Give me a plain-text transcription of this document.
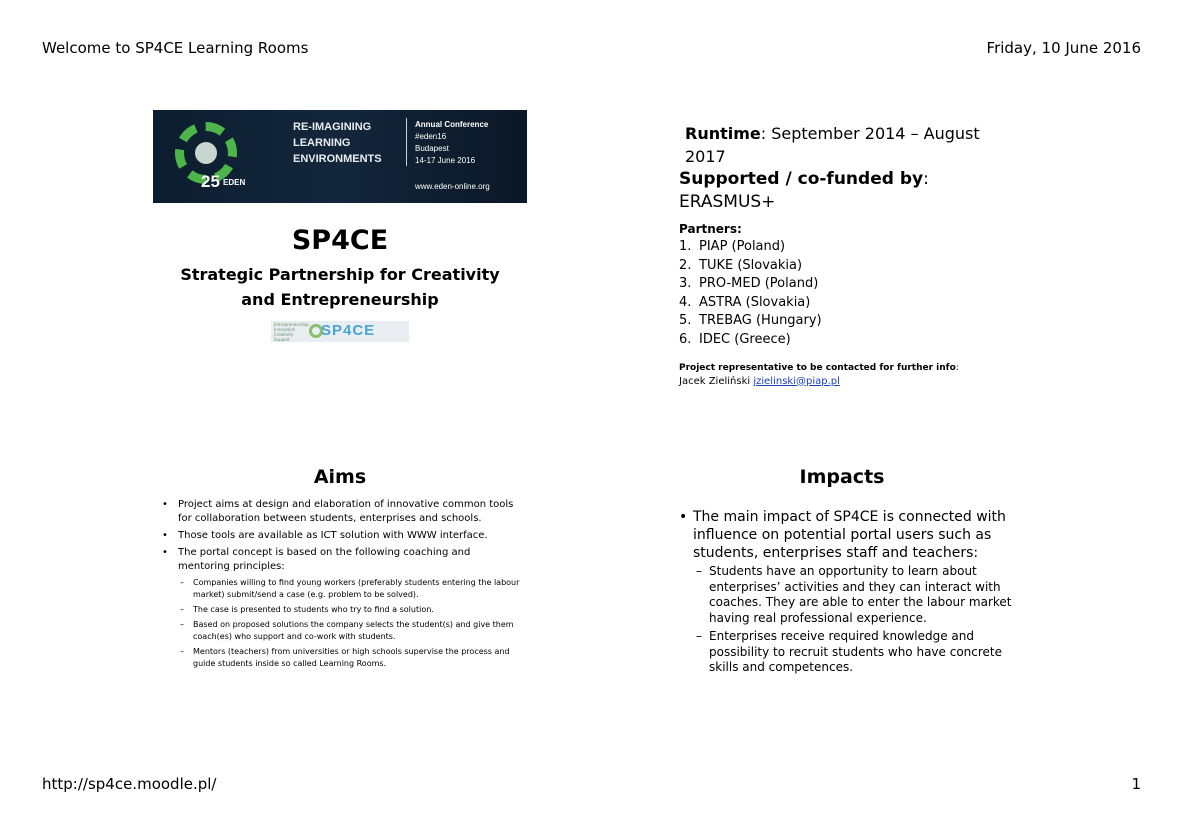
Welcome to SP4CE Learning Rooms	Friday, 10 June 2016
http://sp4ce.moodle.pl/	1
25 EDEN
RE-IMAGINING
LEARNING
ENVIRONMENTS
Annual Conference
#eden16
Budapest
14-17 June 2016
www.eden-online.org
SP4CE
Strategic Partnership for Creativity
and Entrepreneurship
Entrepreneurship
Innovation
Creativity
Support
SP4CE
Runtime: September 2014 – August 2017
Supported / co-funded by: ERASMUS+
Partners:
1. PIAP (Poland)
2. TUKE (Slovakia)
3. PRO-MED (Poland)
4. ASTRA (Slovakia)
5. TREBAG (Hungary)
6. IDEC (Greece)
Project representative to be contacted for further info:
Jacek Zieliński jzielinski@piap.pl
Aims
• Project aims at design and elaboration of innovative common tools for collaboration between students, enterprises and schools.
• Those tools are available as ICT solution with WWW interface.
• The portal concept is based on the following coaching and mentoring principles:
– Companies willing to find young workers (preferably students entering the labour market) submit/send a case (e.g. problem to be solved).
– The case is presented to students who try to find a solution.
– Based on proposed solutions the company selects the student(s) and give them coach(es) who support and co-work with students.
– Mentors (teachers) from universities or high schools supervise the process and guide students inside so called Learning Rooms.
Impacts
• The main impact of SP4CE is connected with influence on potential portal users such as students, enterprises staff and teachers:
– Students have an opportunity to learn about enterprises’ activities and they can interact with coaches. They are able to enter the labour market having real professional experience.
– Enterprises receive required knowledge and possibility to recruit students who have concrete skills and competences.
